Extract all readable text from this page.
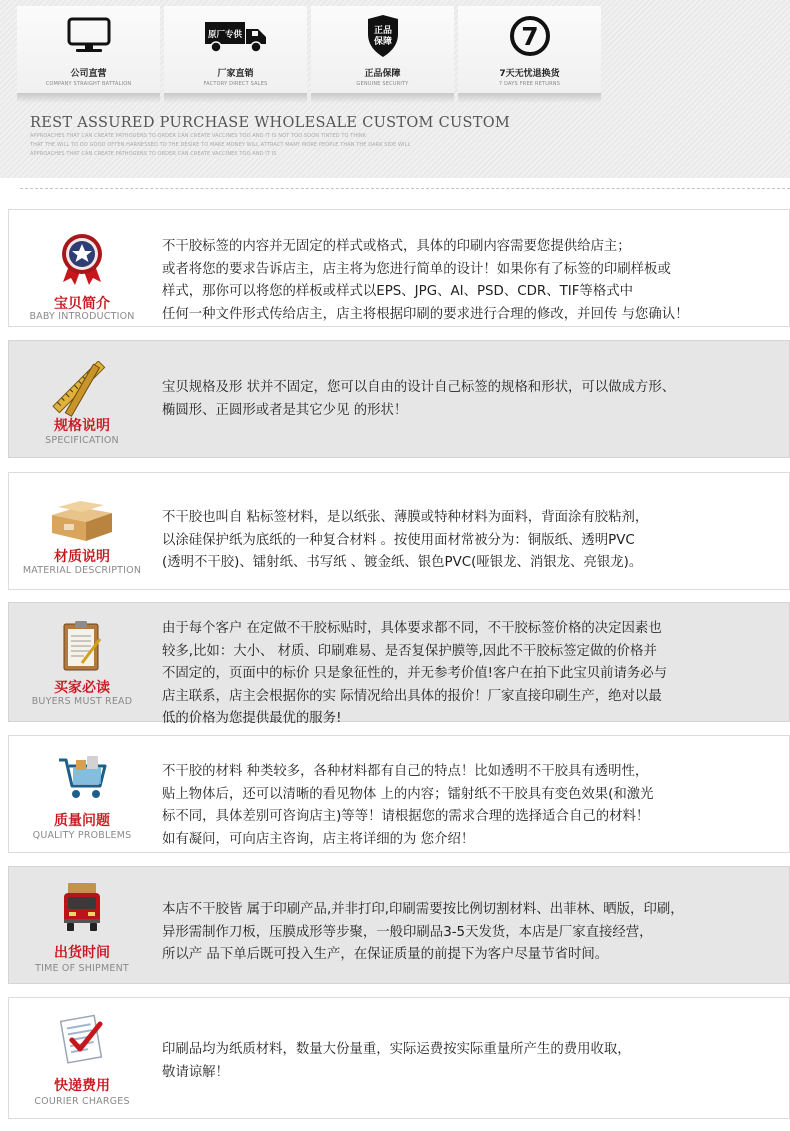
公司直营
COMPANY STRAIGHT BATTALION
原厂专供
厂家直销
FACTORY DIRECT SALES
正品
保障
正品保障
GENUINE SECURITY
7
7天无忧退换货
7 DAYS FREE RETURNS
REST ASSURED PURCHASE WHOLESALE CUSTOM CUSTOM
APPROACHES THAT CAN CREATE PATHOGENS TO ORDER CAN CREATE VACCINES TOO AND IT IS NOT TOO SOON TINTED TO THINK
THAT THE WILL TO DO GOOD OFTEN HARNESSED TO THE DESIRE TO MAKE MONEY WILL ATTRACT MANY MORE PEOPLE THAN THE DARK SIDE WILL
APPROACHES THAT CAN CREATE PATHOGENS TO ORDER CAN CREATE VACCINES TOO AND IT IS
宝贝简介
BABY INTRODUCTION

不干胶标签的内容并无固定的样式或格式，具体的印刷内容需要您提供给店主；

或者将您的要求告诉店主，店主将为您进行简单的设计！如果你有了标签的印刷样板或

样式，那你可以将您的样板或样式以EPS、JPG、AI、PSD、CDR、TIF等格式中

任何一种文件形式传给店主，店主将根据印刷的要求进行合理的修改，并回传 与您确认！

规格说明
SPECIFICATION

宝贝规格及形 状并不固定，您可以自由的设计自己标签的规格和形状，可以做成方形、

椭圆形、正圆形或者是其它少见 的形状！

材质说明
MATERIAL DESCRIPTION

不干胶也叫自 粘标签材料，是以纸张、薄膜或特种材料为面料，背面涂有胶粘剂，

以涂硅保护纸为底纸的一种复合材料 。按使用面材常被分为：铜版纸、透明PVC

(透明不干胶)、镭射纸、书写纸 、镀金纸、银色PVC(哑银龙、消银龙、亮银龙)。

买家必读
BUYERS MUST READ

由于每个客户 在定做不干胶标贴时，具体要求都不同，不干胶标签价格的决定因素也

较多,比如：大小、 材质、印刷难易、是否复保护膜等,因此不干胶标签定做的价格并

不固定的，页面中的标价 只是象征性的，并无参考价值!客户在拍下此宝贝前请务必与

店主联系，店主会根据你的实 际情况给出具体的报价！厂家直接印刷生产，绝对以最

低的价格为您提供最优的服务!

质量问题
QUALITY PROBLEMS

不干胶的材料 种类较多，各种材料都有自己的特点！比如透明不干胶具有透明性，

贴上物体后，还可以清晰的看见物体 上的内容；镭射纸不干胶具有变色效果(和激光

标不同，具体差别可咨询店主)等等！请根据您的需求合理的选择适合自己的材料！

如有凝问，可向店主咨询，店主将详细的为 您介绍！

出货时间
TIME OF SHIPMENT

本店不干胶皆 属于印刷产品,并非打印,印刷需要按比例切割材料、出菲林、晒版，印刷，

异形需制作刀板，压膜成形等步聚，一般印刷品3-5天发货，本店是厂家直接经营，

所以产 品下单后既可投入生产，在保证质量的前提下为客户尽量节省时间。

快递费用
COURIER CHARGES

印刷品均为纸质材料，数量大份量重，实际运费按实际重量所产生的费用收取，

敬请谅解！
